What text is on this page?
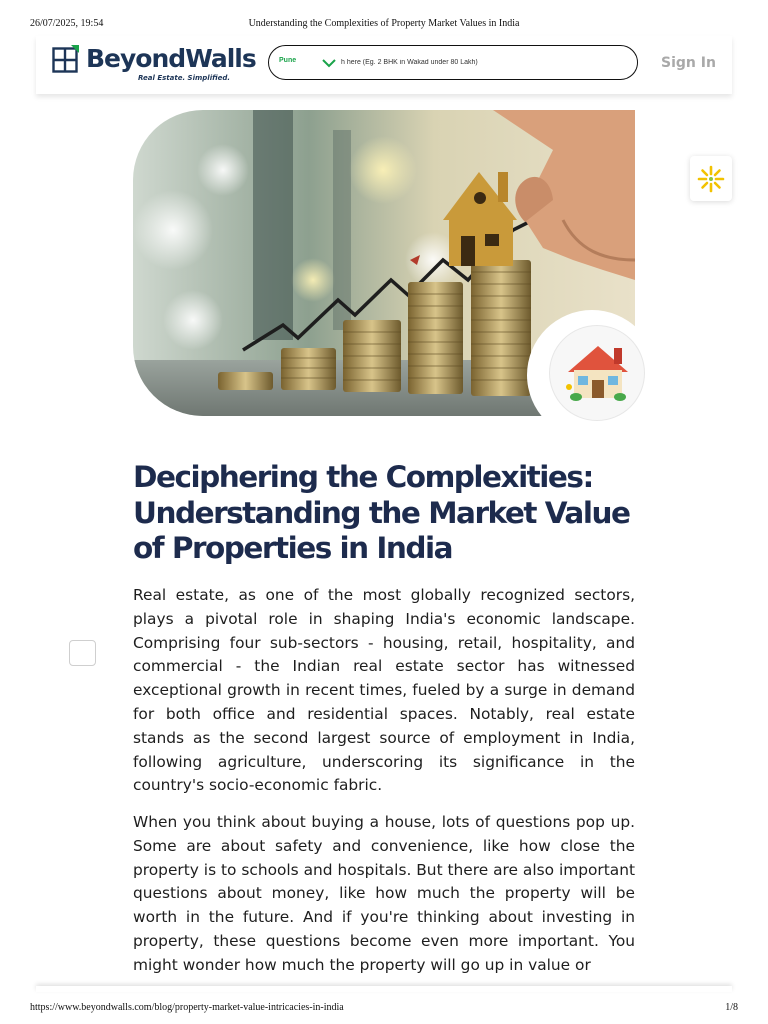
26/07/2025, 19:54	Understanding the Complexities of Property Market Values in India
BeyondWalls
Real Estate. Simplified.
Pune
h here (Eg. 2 BHK in Wakad under 80 Lakh)	Sign In
Deciphering the Complexities: Understanding the Market Value of Properties in India

Real estate, as one of the most globally recognized sectors, plays a pivotal role in shaping India's economic landscape. Comprising four sub-sectors - housing, retail, hospitality, and commercial - the Indian real estate sector has witnessed exceptional growth in recent times, fueled by a surge in demand for both office and residential spaces. Notably, real estate stands as the second largest source of employment in India, following agriculture, underscoring its significance in the country's socio-economic fabric.

When you think about buying a house, lots of questions pop up. Some are about safety and convenience, like how close the property is to schools and hospitals. But there are also important questions about money, like how much the property will be worth in the future. And if you're thinking about investing in property, these questions become even more important. You might wonder how much the property will go up in value or

https://www.beyondwalls.com/blog/property-market-value-intricacies-in-india	1/8
